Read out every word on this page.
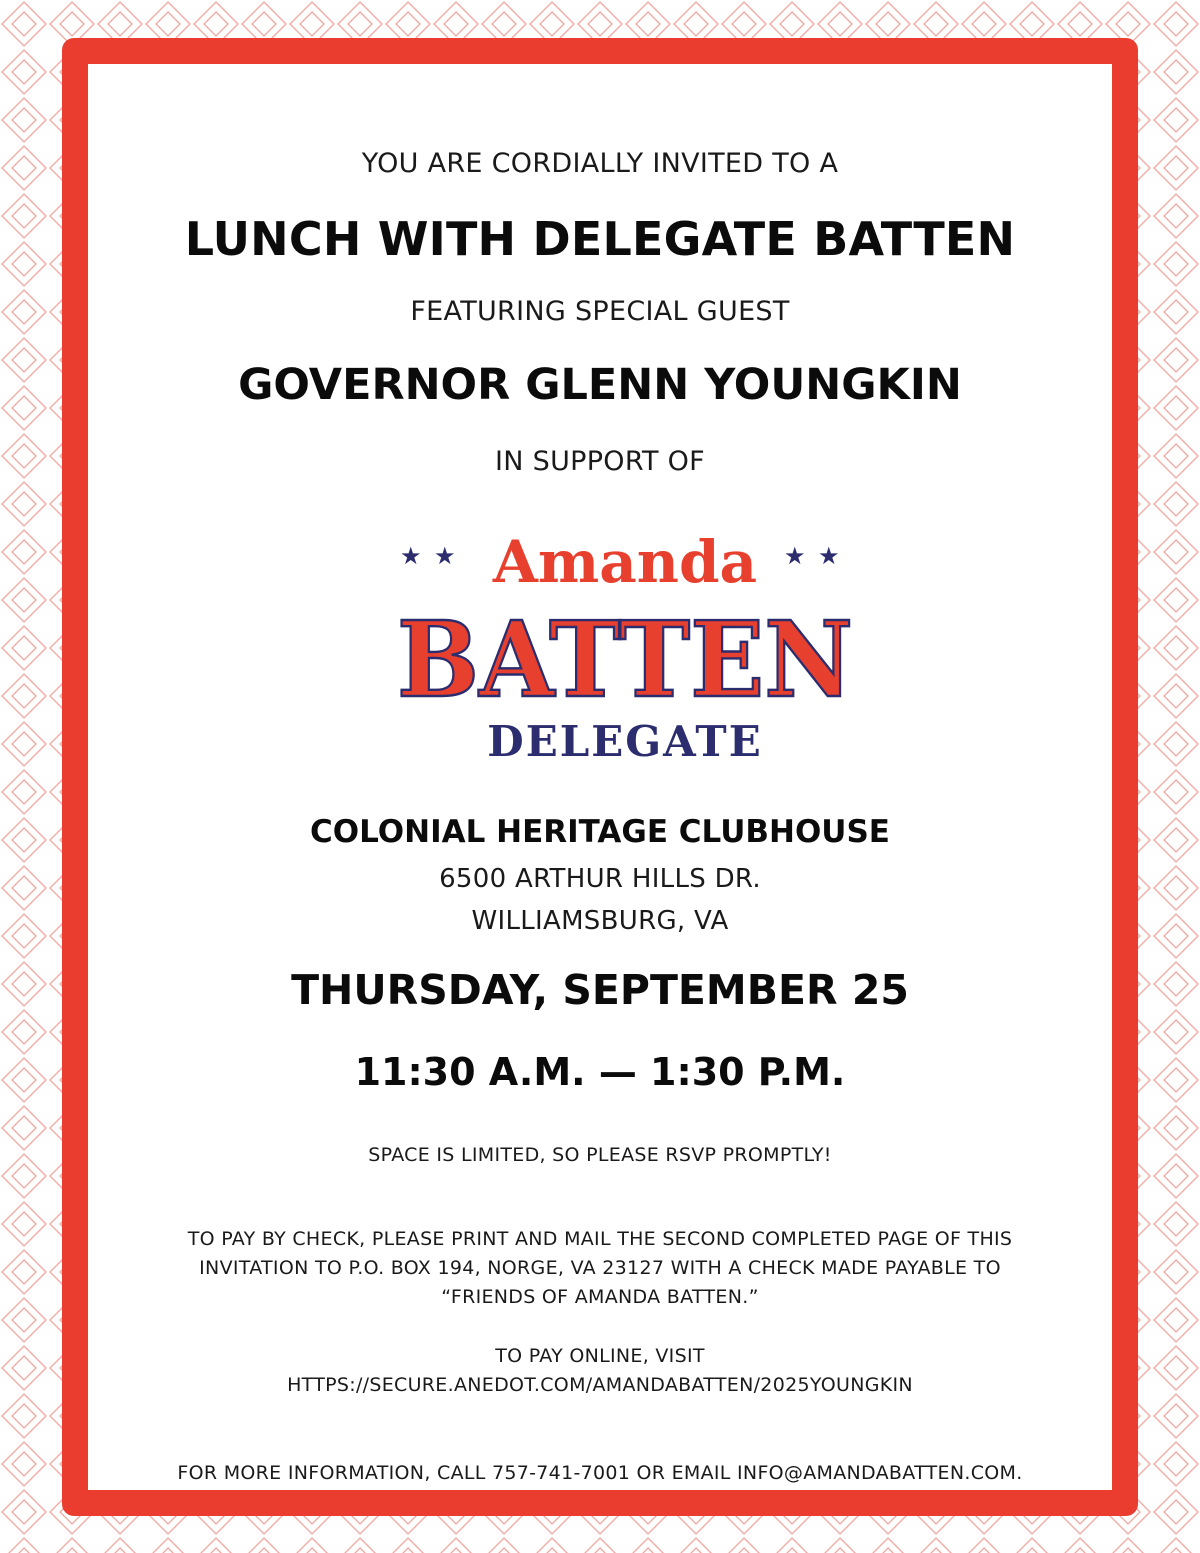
YOU ARE CORDIALLY INVITED TO A
LUNCH WITH DELEGATE BATTEN
FEATURING SPECIAL GUEST
GOVERNOR GLENN YOUNGKIN
IN SUPPORT OF
★ ★	★ ★
Amanda
BATTEN
DELEGATE
COLONIAL HERITAGE CLUBHOUSE
6500 ARTHUR HILLS DR.
WILLIAMSBURG, VA
THURSDAY, SEPTEMBER 25
11:30 A.M. — 1:30 P.M.
SPACE IS LIMITED, SO PLEASE RSVP PROMPTLY!
TO PAY BY CHECK, PLEASE PRINT AND MAIL THE SECOND COMPLETED PAGE OF THIS
INVITATION TO P.O. BOX 194, NORGE, VA 23127 WITH A CHECK MADE PAYABLE TO
“FRIENDS OF AMANDA BATTEN.”
TO PAY ONLINE, VISIT
HTTPS://SECURE.ANEDOT.COM/AMANDABATTEN/2025YOUNGKIN
FOR MORE INFORMATION, CALL 757-741-7001 OR EMAIL INFO@AMANDABATTEN.COM.
